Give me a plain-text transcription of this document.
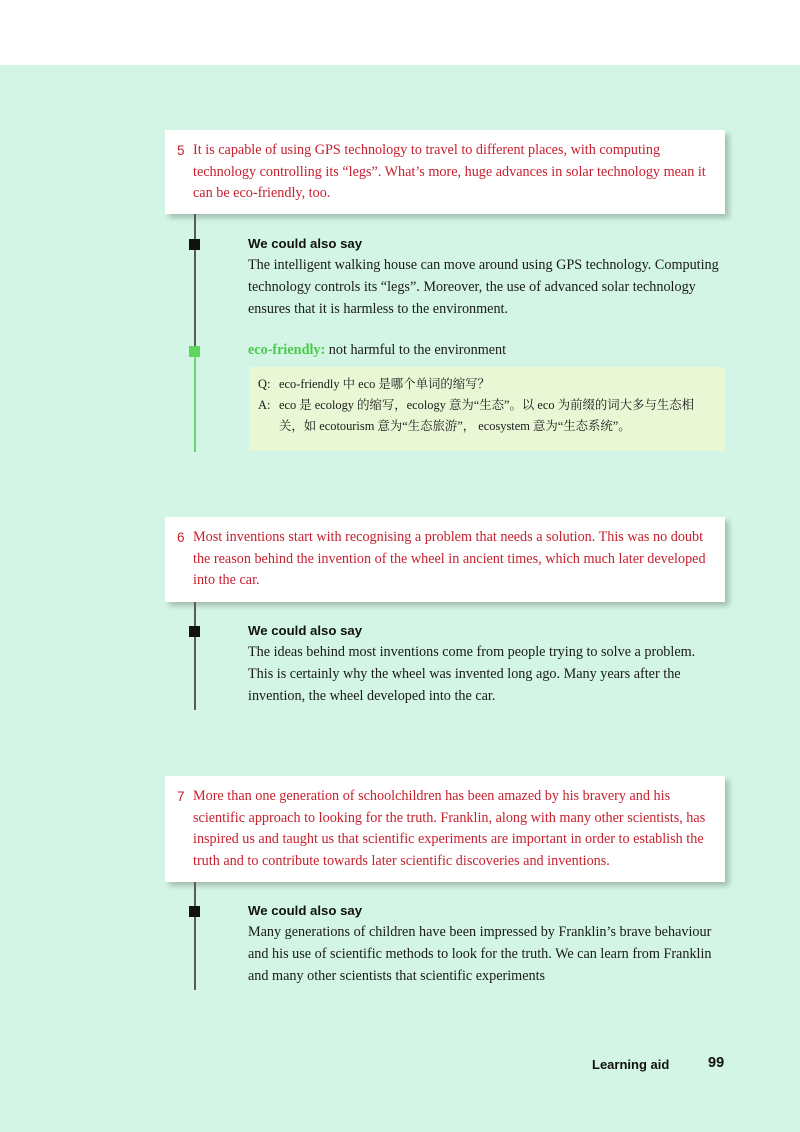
5 It is capable of using GPS technology to travel to different places, with computing technology controlling its “legs”. What’s more, huge advances in solar technology mean it can be eco-friendly, too.
We could also say
The intelligent walking house can move around using GPS technology. Computing technology controls its “legs”. Moreover, the use of advanced solar technology ensures that it is harmless to the environment.
eco-friendly: not harmful to the environment
Q: eco-friendly 中 eco 是哪个单词的缩写？
A: eco 是 ecology 的缩写，ecology 意为“生态”。以 eco 为前缀的词大多与生态相关，如 ecotourism 意为“生态旅游”， ecosystem 意为“生态系统”。
6 Most inventions start with recognising a problem that needs a solution. This was no doubt the reason behind the invention of the wheel in ancient times, which much later developed into the car.
We could also say
The ideas behind most inventions come from people trying to solve a problem. This is certainly why the wheel was invented long ago. Many years after the invention, the wheel developed into the car.
7 More than one generation of schoolchildren has been amazed by his bravery and his scientific approach to looking for the truth. Franklin, along with many other scientists, has inspired us and taught us that scientific experiments are important in order to establish the truth and to contribute towards later scientific discoveries and inventions.
We could also say
Many generations of children have been impressed by Franklin’s brave behaviour and his use of scientific methods to look for the truth. We can learn from Franklin and many other scientists that scientific experiments
Learning aid	99
